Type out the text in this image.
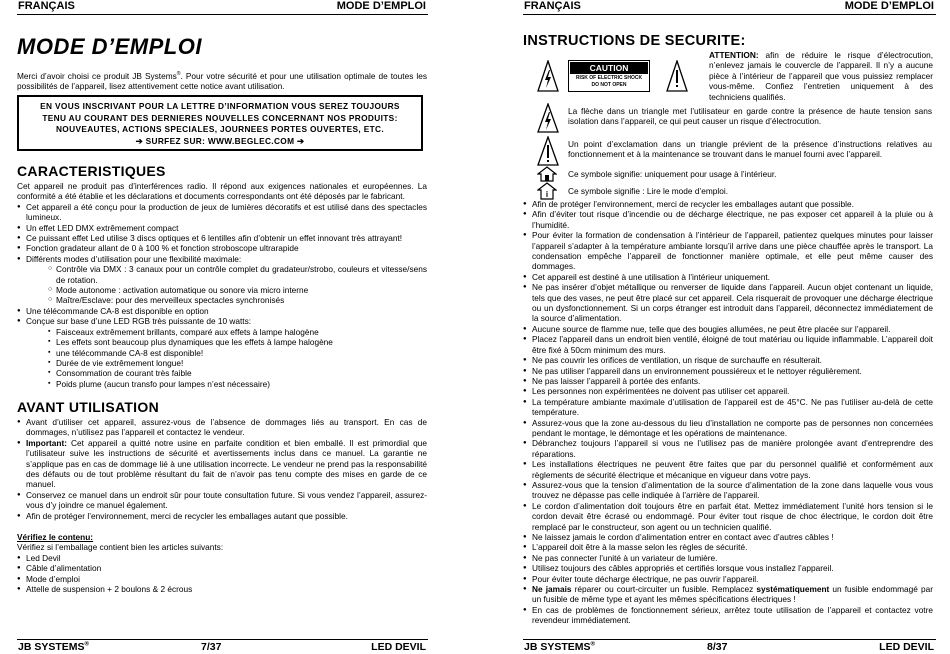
FRANÇAIS	MODE D’EMPLOI
MODE D’EMPLOI
Merci d’avoir choisi ce produit JB Systems®. Pour votre sécurité et pour une utilisation optimale de toutes les possibilités de l’appareil, lisez attentivement cette notice avant utilisation.
EN VOUS INSCRIVANT POUR LA LETTRE D’INFORMATION VOUS SEREZ TOUJOURS
TENU AU COURANT DES DERNIERES NOUVELLES CONCERNANT NOS PRODUITS:
NOUVEAUTES, ACTIONS SPECIALES, JOURNEES PORTES OUVERTES, ETC.
➔ SURFEZ SUR: WWW.BEGLEC.COM ➔
CARACTERISTIQUES
Cet appareil ne produit pas d’interférences radio. Il répond aux exigences nationales et européennes. La conformité a été établie et les déclarations et documents correspondants ont été déposés par le fabricant.
● Cet appareil a été conçu pour la production de jeux de lumières décoratifs et est utilisé dans des spectacles lumineux.
● Un effet LED DMX extrêmement compact
● Ce puissant effet Led utilise 3 discs optiques et 6 lentilles afin d’obtenir un effet innovant très attrayant!
● Fonction gradateur allant de 0 à 100 % et fonction stroboscope ultrarapide
● Différents modes d’utilisation pour une flexibilité maximale:
○ Contrôle via DMX : 3 canaux pour un contrôle complet du gradateur/strobo, couleurs et vitesse/sens de rotation.
○ Mode autonome : activation automatique ou sonore via micro interne
○ Maître/Esclave: pour des merveilleux spectacles synchronisés
● Une télécommande CA-8 est disponible en option
● Conçue sur base d’une LED RGB très puissante de 10 watts:
▪ Faisceaux extrêmement brillants, comparé aux effets à lampe halogène
▪ Les effets sont beaucoup plus dynamiques que les effets à lampe halogène
▪ une télécommande CA-8 est disponible!
▪ Durée de vie extrêmement longue!
▪ Consommation de courant très faible
▪ Poids plume (aucun transfo pour lampes n’est nécessaire)
AVANT UTILISATION
● Avant d’utiliser cet appareil, assurez-vous de l’absence de dommages liés au transport. En cas de dommages, n’utilisez pas l’appareil et contactez le vendeur.
● Important: Cet appareil a quitté notre usine en parfaite condition et bien emballé. Il est primordial que l’utilisateur suive les instructions de sécurité et avertissements inclus dans ce manuel. La garantie ne s’applique pas en cas de dommage lié à une utilisation incorrecte. Le vendeur ne prend pas la responsabilité des défauts ou de tout problème résultant du fait de n’avoir pas tenu compte des mises en garde de ce manuel.
● Conservez ce manuel dans un endroit sûr pour toute consultation future. Si vous vendez l’appareil, assurez-vous d’y joindre ce manuel également.
● Afin de protéger l’environnement, merci de recycler les emballages autant que possible.
Vérifiez le contenu:
Vérifiez si l’emballage contient bien les articles suivants:
● Led Devil
● Câble d’alimentation
● Mode d’emploi
● Attelle de suspension + 2 boulons & 2 écrous
JB SYSTEMS®	7/37	LED DEVIL
FRANÇAIS	MODE D’EMPLOI
INSTRUCTIONS DE SECURITE:
CAUTION
RISK OF ELECTRIC SHOCK
DO NOT OPEN
ATTENTION: afin de réduire le risque d’électrocution, n’enlevez jamais le couvercle de l’appareil. Il n’y a aucune pièce à l’intérieur de l’appareil que vous puissiez remplacer vous-même. Confiez l’entretien uniquement à des techniciens qualifiés.
La flèche dans un triangle met l’utilisateur en garde contre la présence de haute tension sans isolation dans l’appareil, ce qui peut causer un risque d’électrocution.
Un point d’exclamation dans un triangle prévient de la présence d’instructions relatives au fonctionnement et à la maintenance se trouvant dans le manuel fourni avec l’appareil.
Ce symbole signifie: uniquement pour usage à l’intérieur.
i Ce symbole signifie : Lire le mode d’emploi.
● Afin de protéger l’environnement, merci de recycler les emballages autant que possible.
● Afin d’éviter tout risque d’incendie ou de décharge électrique, ne pas exposer cet appareil à la pluie ou à l’humidité.
● Pour éviter la formation de condensation à l’intérieur de l’appareil, patientez quelques minutes pour laisser l’appareil s’adapter à la température ambiante lorsqu’il arrive dans une pièce chauffée après le transport. La condensation empêche l’appareil de fonctionner manière optimale, et elle peut même causer des dommages.
● Cet appareil est destiné à une utilisation à l’intérieur uniquement.
● Ne pas insérer d’objet métallique ou renverser de liquide dans l’appareil. Aucun objet contenant un liquide, tels que des vases, ne peut être placé sur cet appareil. Cela risquerait de provoquer une décharge électrique ou un dysfonctionnement. Si un corps étranger est introduit dans l’appareil, déconnectez immédiatement de la source d’alimentation.
● Aucune source de flamme nue, telle que des bougies allumées, ne peut être placée sur l’appareil.
● Placez l’appareil dans un endroit bien ventilé, éloigné de tout matériau ou liquide inflammable. L’appareil doit être fixé à 50cm minimum des murs.
● Ne pas couvrir les orifices de ventilation, un risque de surchauffe en résulterait.
● Ne pas utiliser l’appareil dans un environnement poussiéreux et le nettoyer régulièrement.
● Ne pas laisser l’appareil à portée des enfants.
● Les personnes non expérimentées ne doivent pas utiliser cet appareil.
● La température ambiante maximale d’utilisation de l’appareil est de 45°C. Ne pas l’utiliser au-delà de cette température.
● Assurez-vous que la zone au-dessous du lieu d’installation ne comporte pas de personnes non concernées pendant le montage, le démontage et les opérations de maintenance.
● Débranchez toujours l’appareil si vous ne l’utilisez pas de manière prolongée avant d’entreprendre des réparations.
● Les installations électriques ne peuvent être faites que par du personnel qualifié et conformément aux règlements de sécurité électrique et mécanique en vigueur dans votre pays.
● Assurez-vous que la tension d’alimentation de la source d’alimentation de la zone dans laquelle vous vous trouvez ne dépasse pas celle indiquée à l’arrière de l’appareil.
● Le cordon d’alimentation doit toujours être en parfait état. Mettez immédiatement l’unité hors tension si le cordon devait être écrasé ou endommagé. Pour éviter tout risque de choc électrique, le cordon doit être remplacé par le constructeur, son agent ou un technicien qualifié.
● Ne laissez jamais le cordon d’alimentation entrer en contact avec d’autres câbles !
● L’appareil doit être à la masse selon les règles de sécurité.
● Ne pas connecter l’unité à un variateur de lumière.
● Utilisez toujours des câbles appropriés et certifiés lorsque vous installez l’appareil.
● Pour éviter toute décharge électrique, ne pas ouvrir l’appareil.
● Ne jamais réparer ou court-circuiter un fusible. Remplacez systématiquement un fusible endommagé par un fusible de même type et ayant les mêmes spécifications électriques !
● En cas de problèmes de fonctionnement sérieux, arrêtez toute utilisation de l’appareil et contactez votre revendeur immédiatement.
JB SYSTEMS®	8/37	LED DEVIL
